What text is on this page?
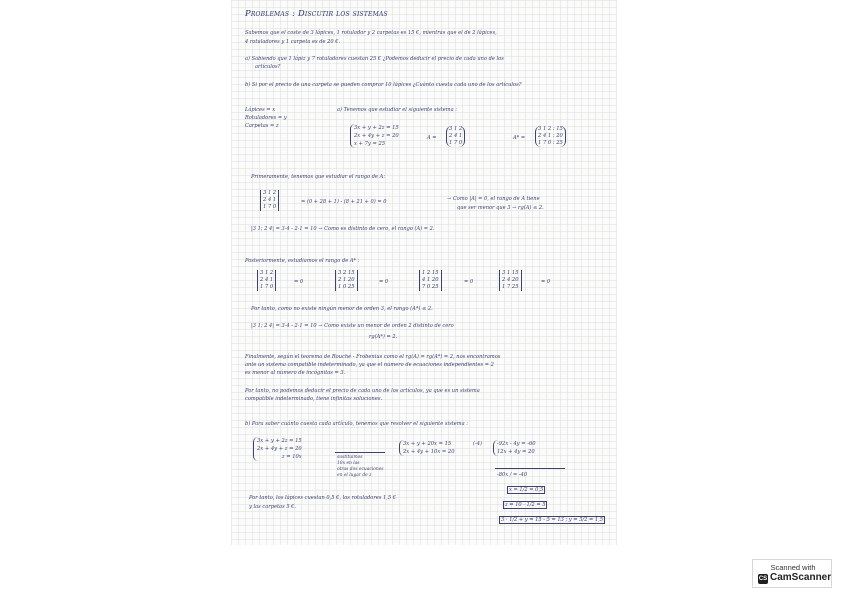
Problemas : Discutir los sistemas
Sabemos que el coste de 3 lápices, 1 rotulador y 2 carpetas es 15 €, mientras que el de 2 lápices,
4 rotuladores y 1 carpeta es de 20 €.
a) Sabiendo que 1 lápiz y 7 rotuladores cuestan 25 € ¿Podemos deducir el precio de cada uno de los
artículos?
b) Si por el precio de una carpeta se pueden comprar 10 lápices ¿Cuánto cuesta cada uno de los artículos?
Lápices = x
Rotuladores = y
Carpetas = z
a) Tenemos que estudiar el siguiente sistema :
3x + y + 2z = 15
2x + 4y + z = 20
x + 7y = 25
A =
3 1 2
2 4 1
1 7 0
A* =
3 1 2 : 15
2 4 1 : 20
1 7 0 : 25
Primeramente, tenemos que estudiar el rango de A:
3 1 2
2 4 1
1 7 0
= (0 + 28 + 1) - (8 + 21 + 0) = 0	→ Como |A| = 0, el rango de A tiene
que ser menor que 3 → rg(A) ≤ 2.
|3 1; 2 4| = 3·4 - 2·1 = 10 → Como es distinto de cero, el rango (A) = 2.
Posteriormente, estudiamos el rango de A* :
3 1 2
2 4 1
1 7 0
= 0
3 2 15
2 1 20
1 0 25
= 0
1 2 15
4 1 20
7 0 25
= 0
3 1 15
2 4 20
1 7 25
= 0
Por tanto, como no existe ningún menor de orden 3, el rango (A*) ≤ 2.
|3 1; 2 4| = 3·4 - 2·1 = 10 → Como existe un menor de orden 2 distinto de cero
rg(A*) = 2.
Finalmente, según el teorema de Rouché - Frobenius como el rg(A) = rg(A*) = 2, nos encontramos
ante un sistema compatible indeterminado, ya que el número de ecuaciones independientes = 2
es menor al número de incógnitas = 3.
Por tanto, no podemos deducir el precio de cada uno de los artículos, ya que es un sistema
compatible indeterminado, tiene infinitas soluciones.
b) Para saber cuánto cuesta cada artículo, tenemos que resolver el siguiente sistema :
3x + y + 2z = 15
2x + 4y + z = 20
z = 10x	sustituimos
10x en las
otras dos ecuaciones
en el lugar de z
3x + y + 20x = 15
2x + 4y + 10x = 20
(-4)	-92x - 4y = -60
12x + 4y = 20
-80x / = -40
x = 1/2 = 0,5
z = 10 · 1/2 = 5
3 · 1/2 + y = 15 - 5 = 13 ; y = 3/2 = 1,5
Por tanto, los lápices cuestan 0,5 €, los rotuladores 1,5 €
y las carpetas 5 €.
Scanned with
CS CamScanner
